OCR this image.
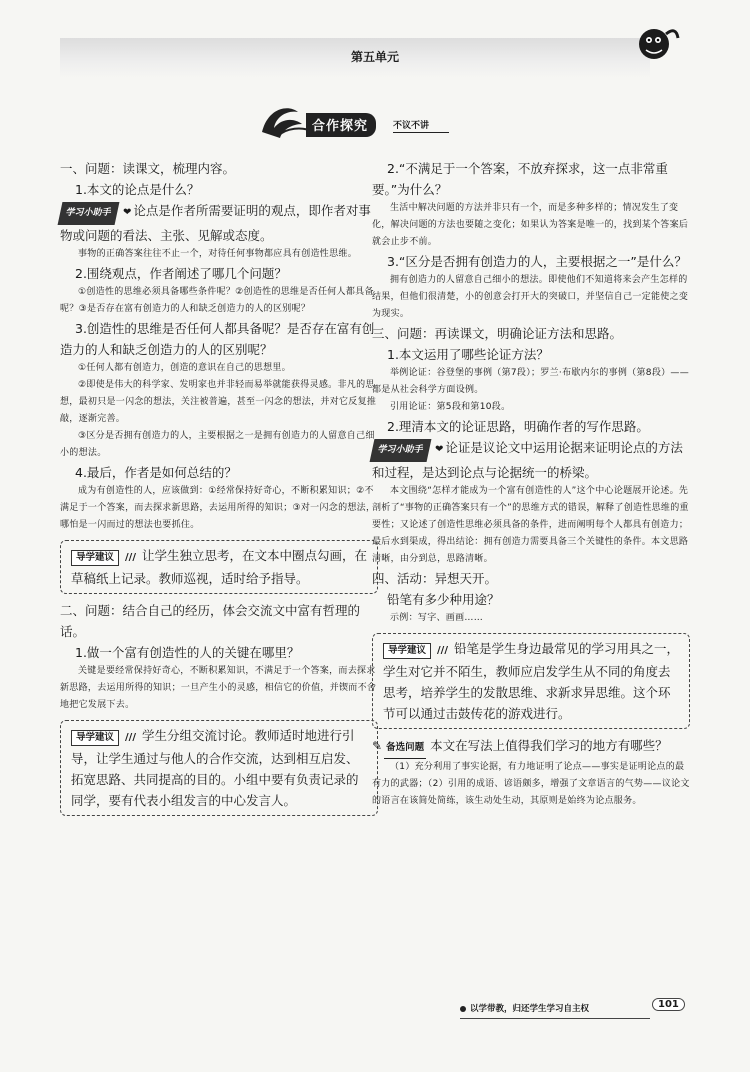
第五单元
合作探究	不议不讲

一、问题：读课文，梳理内容。

1.本文的论点是什么？

学习小助手 ❤ 论点是作者所需要证明的观点，即作者对事物或问题的看法、主张、见解或态度。

事物的正确答案往往不止一个，对待任何事物都应具有创造性思维。

2.围绕观点，作者阐述了哪几个问题？

①创造性的思维必须具备哪些条件呢？②创造性的思维是否任何人都具备呢？③是否存在富有创造力的人和缺乏创造力的人的区别呢？

3.创造性的思维是否任何人都具备呢？是否存在富有创造力的人和缺乏创造力的人的区别呢？

①任何人都有创造力，创造的意识在自己的思想里。

②即使是伟大的科学家、发明家也并非轻而易举就能获得灵感。非凡的思想，最初只是一闪念的想法，关注被普遍，甚至一闪念的想法，并对它反复推敲，逐渐完善。

③区分是否拥有创造力的人，主要根据之一是拥有创造力的人留意自己细小的想法。

4.最后，作者是如何总结的？

成为有创造性的人，应该做到：①经常保持好奇心，不断积累知识；②不满足于一个答案，而去探求新思路，去运用所得的知识；③对一闪念的想法，哪怕是一闪而过的想法也要抓住。

导学建议 /// 让学生独立思考，在文本中圈点勾画，在草稿纸上记录。教师巡视，适时给予指导。

二、问题：结合自己的经历，体会交流文中富有哲理的话。

1.做一个富有创造性的人的关键在哪里？

关键是要经常保持好奇心，不断积累知识，不满足于一个答案，而去探求新思路，去运用所得的知识；一旦产生小的灵感，相信它的价值，并锲而不舍地把它发展下去。

导学建议 /// 学生分组交流讨论。教师适时地进行引导，让学生通过与他人的合作交流，达到相互启发、拓宽思路、共同提高的目的。小组中要有负责记录的同学，要有代表小组发言的中心发言人。

2.“不满足于一个答案，不放弃探求，这一点非常重要。”为什么？

生活中解决问题的方法并非只有一个，而是多种多样的；情况发生了变化，解决问题的方法也要随之变化；如果认为答案是唯一的，找到某个答案后就会止步不前。

3.“区分是否拥有创造力的人，主要根据之一”是什么？

拥有创造力的人留意自己细小的想法。即使他们不知道将来会产生怎样的结果，但他们很清楚，小的创意会打开大的突破口，并坚信自己一定能使之变为现实。

三、问题：再读课文，明确论证方法和思路。

1.本文运用了哪些论证方法？

举例论证：谷登堡的事例（第7段）；罗兰·布歇内尔的事例（第8段）——都是从社会科学方面设例。

引用论证：第5段和第10段。

2.理清本文的论证思路，明确作者的写作思路。

学习小助手 ❤ 论证是议论文中运用论据来证明论点的方法和过程，是达到论点与论据统一的桥梁。

本文围绕“怎样才能成为一个富有创造性的人”这个中心论题展开论述。先剖析了“事物的正确答案只有一个”的思维方式的错误，解释了创造性思维的重要性；又论述了创造性思维必须具备的条件，进而阐明每个人都具有创造力；最后水到渠成，得出结论：拥有创造力需要具备三个关键性的条件。本文思路清晰，由分到总，思路清晰。

四、活动：异想天开。

铅笔有多少种用途？

示例：写字、画画……

导学建议 /// 铅笔是学生身边最常见的学习用具之一，学生对它并不陌生，教师应启发学生从不同的角度去思考，培养学生的发散思维、求新求异思维。这个环节可以通过击鼓传花的游戏进行。

✎ 备选问题 本文在写法上值得我们学习的地方有哪些？

（1）充分利用了事实论据，有力地证明了论点——事实是证明论点的最有力的武器；（2）引用的成语、谚语颇多，增强了文章语言的气势——议论文的语言在该简处简练，该生动处生动，其原则是始终为论点服务。

以学带教，归还学生学习自主权	101
